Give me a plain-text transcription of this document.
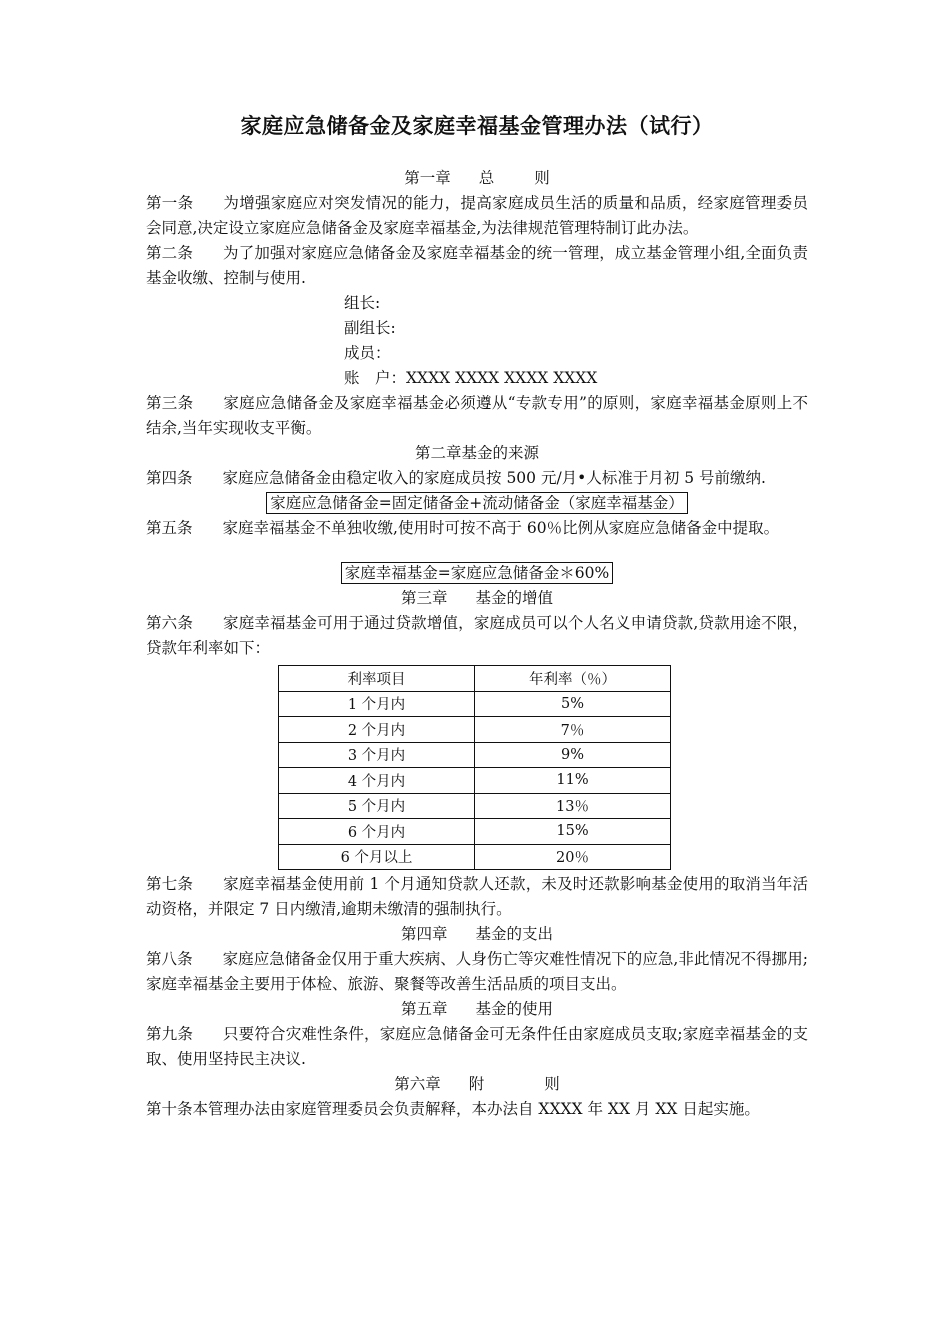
家庭应急储备金及家庭幸福基金管理办法（试行）
第一章 总	则
第一条 为增强家庭应对突发情况的能力，提高家庭成员生活的质量和品质，经家庭管理委员会同意,决定设立家庭应急储备金及家庭幸福基金,为法律规范管理特制订此办法。
第二条 为了加强对家庭应急储备金及家庭幸福基金的统一管理，成立基金管理小组,全面负责基金收缴、控制与使用.
组长:
副组长:
成员：
账　户：XXXX XXXX XXXX XXXX
第三条 家庭应急储备金及家庭幸福基金必须遵从“专款专用”的原则，家庭幸福基金原则上不结余,当年实现收支平衡。
第二章基金的来源
第四条 家庭应急储备金由稳定收入的家庭成员按 500 元/月•人标准于月初 5 号前缴纳.
家庭应急储备金=固定储备金+流动储备金（家庭幸福基金）
第五条 家庭幸福基金不单独收缴,使用时可按不高于 60％比例从家庭应急储备金中提取。
家庭幸福基金=家庭应急储备金＊60%
第三章 基金的增值
第六条 家庭幸福基金可用于通过贷款增值，家庭成员可以个人名义申请贷款,贷款用途不限，贷款年利率如下：
利率项目	年利率（％）
1 个月内	5%
2 个月内	7％
3 个月内	9%
4 个月内	11%
5 个月内	13％
6 个月内	15%
6 个月以上	20％
第七条 家庭幸福基金使用前 1 个月通知贷款人还款，未及时还款影响基金使用的取消当年活动资格，并限定 7 日内缴清,逾期未缴清的强制执行。
第四章 基金的支出
第八条 家庭应急储备金仅用于重大疾病、人身伤亡等灾难性情况下的应急,非此情况不得挪用;家庭幸福基金主要用于体检、旅游、聚餐等改善生活品质的项目支出。
第五章 基金的使用
第九条 只要符合灾难性条件，家庭应急储备金可无条件任由家庭成员支取;家庭幸福基金的支取、使用坚持民主决议.
第六章 附	则
第十条本管理办法由家庭管理委员会负责解释，本办法自 XXXX 年 XX 月 XX 日起实施。
